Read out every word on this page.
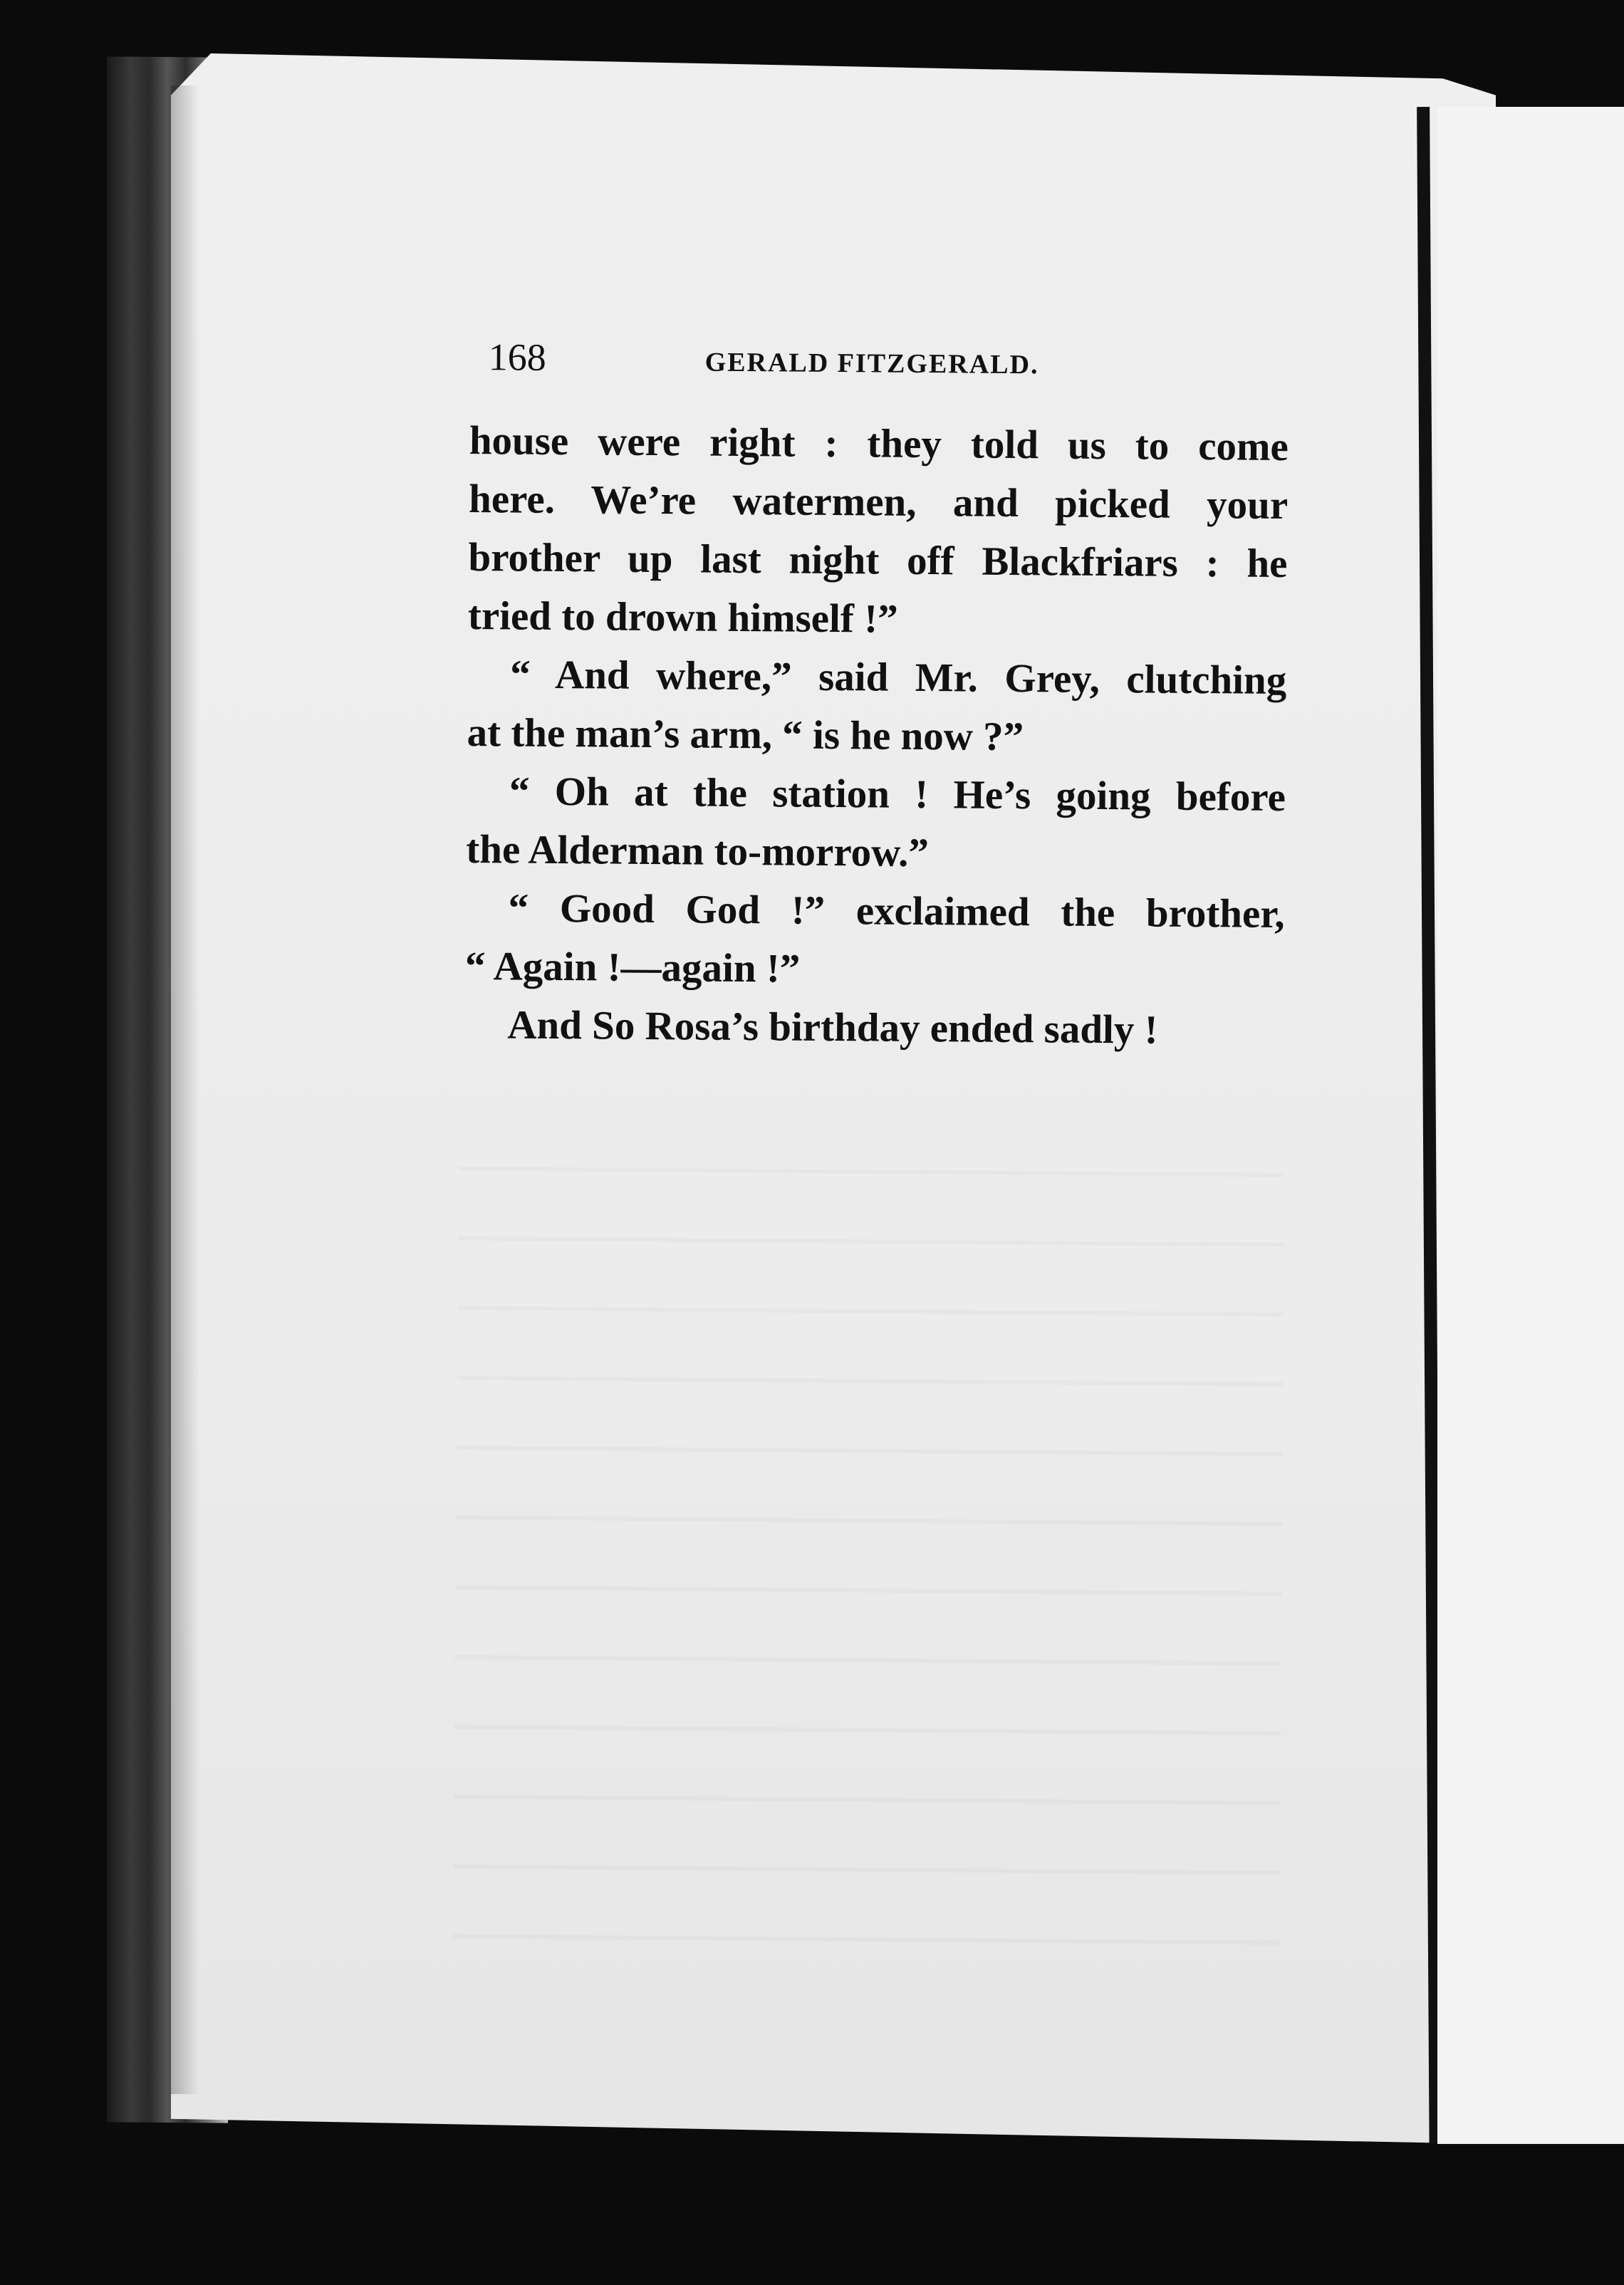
168	GERALD FITZGERALD.
house were right : they told us to come
here. We’re watermen, and picked your
brother up last night off Blackfriars : he
tried to drown himself !”
“ And where,” said Mr. Grey, clutching
at the man’s arm, “ is he now ?”
“ Oh at the station ! He’s going before
the Alderman to-morrow.”
“ Good God !” exclaimed the brother,
“ Again !—again !”
And So Rosa’s birthday ended sadly !
